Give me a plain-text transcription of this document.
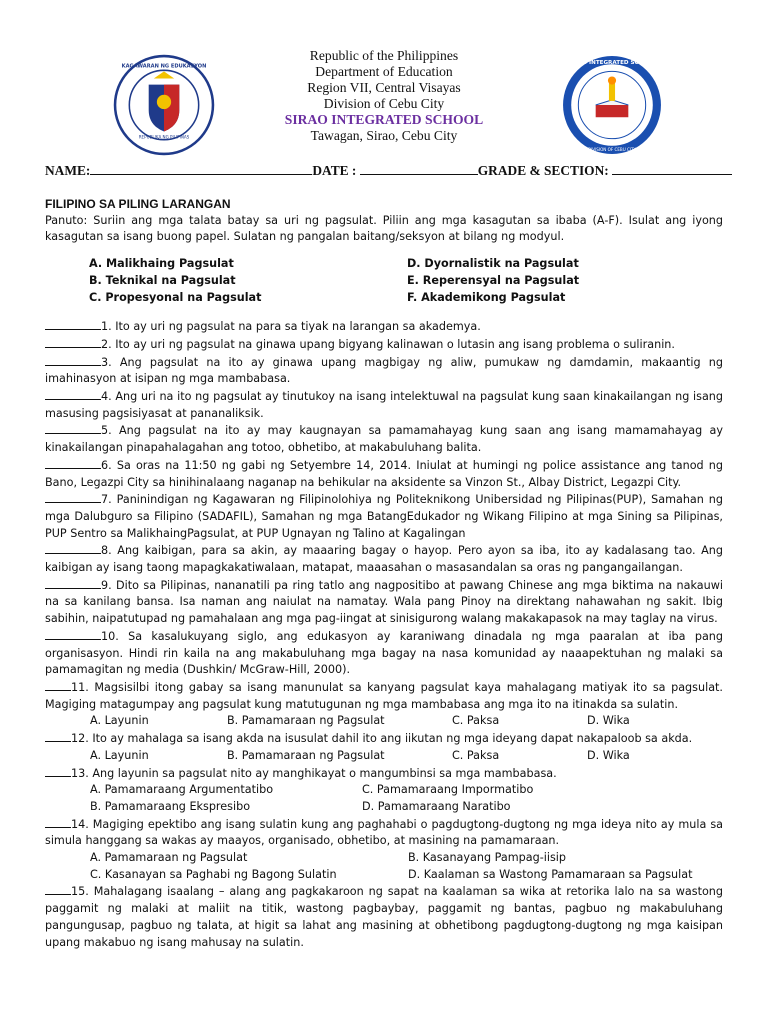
REPUBLIKA NG PILIPINAS
KAGAWARAN NG EDUKASYON
SIRAO INTEGRATED SCHOOL
DIVISION OF CEBU CITY
Republic of the Philippines
Department of Education
Region VII, Central Visayas
Division of Cebu City
SIRAO INTEGRATED SCHOOL
Tawagan, Sirao, Cebu City
NAME:	DATE :	GRADE & SECTION:

FILIPINO SA PILING LARANGAN

Panuto: Suriin ang mga talata batay sa uri ng pagsulat. Piliin ang mga kasagutan sa ibaba (A-F). Isulat ang iyong kasagutan sa isang buong papel. Sulatan ng pangalan baitang/seksyon at bilang ng modyul.

A. Malikhaing Pagsulat	D. Dyornalistik na Pagsulat
B. Teknikal na Pagsulat	E. Reperensyal na Pagsulat
C. Propesyonal na Pagsulat	F. Akademikong Pagsulat

1. Ito ay uri ng pagsulat na para sa tiyak na larangan sa akademya.

2. Ito ay uri ng pagsulat na ginawa upang bigyang kalinawan o lutasin ang isang problema o suliranin.

3. Ang pagsulat na ito ay ginawa upang magbigay ng aliw, pumukaw ng damdamin, makaantig ng imahinasyon at isipan ng mga mambabasa.

4. Ang uri na ito ng pagsulat ay tinutukoy na isang intelektuwal na pagsulat kung saan kinakailangan ng isang masusing pagsisiyasat at pananaliksik.

5. Ang pagsulat na ito ay may kaugnayan sa pamamahayag kung saan ang isang mamamahayag ay kinakailangan pinapahalagahan ang totoo, obhetibo, at makabuluhang balita.

6. Sa oras na 11:50 ng gabi ng Setyembre 14, 2014. Iniulat at humingi ng police assistance ang tanod ng Bano, Legazpi City sa hinihinalaang naganap na behikular na aksidente sa Vinzon St., Albay District, Legazpi City.

7. Paninindigan ng Kagawaran ng Filipinolohiya ng Politeknikong Unibersidad ng Pilipinas(PUP), Samahan ng mga Dalubguro sa Filipino (SADAFIL), Samahan ng mga BatangEdukador ng Wikang Filipino at mga Sining sa Pilipinas, PUP Sentro sa MalikhaingPagsulat, at PUP Ugnayan ng Talino at Kagalingan

8. Ang kaibigan, para sa akin, ay maaaring bagay o hayop. Pero ayon sa iba, ito ay kadalasang tao. Ang kaibigan ay isang taong mapagkakatiwalaan, matapat, maaasahan o masasandalan sa oras ng pangangailangan.

9. Dito sa Pilipinas, nananatili pa ring tatlo ang nagpositibo at pawang Chinese ang mga biktima na nakauwi na sa kanilang bansa. Isa naman ang naiulat na namatay. Wala pang Pinoy na direktang nahawahan ng sakit. Ibig sabihin, naipatutupad ng pamahalaan ang mga pag-iingat at sinisigurong walang makakapasok na may taglay na virus.

10. Sa kasalukuyang siglo, ang edukasyon ay karaniwang dinadala ng mga paaralan at iba pang organisasyon. Hindi rin kaila na ang makabuluhang mga bagay na nasa komunidad ay naaapektuhan ng malaki sa pamamagitan ng media (Dushkin/ McGraw-Hill, 2000).

11. Magsisilbi itong gabay sa isang manunulat sa kanyang pagsulat kaya mahalagang matiyak ito sa pagsulat. Magiging matagumpay ang pagsulat kung matutugunan ng mga mambabasa ang mga ito na itinakda sa sulatin.

A. Layunin	B. Pamamaraan ng Pagsulat	C. Paksa	D. Wika

12. Ito ay mahalaga sa isang akda na isusulat dahil ito ang iikutan ng mga ideyang dapat nakapaloob sa akda.

A. Layunin	B. Pamamaraan ng Pagsulat	C. Paksa	D. Wika

13. Ang layunin sa pagsulat nito ay manghikayat o mangumbinsi sa mga mambabasa.

A. Pamamaraang Argumentatibo	C. Pamamaraang Impormatibo
B. Pamamaraang Ekspresibo	D. Pamamaraang Naratibo

14. Magiging epektibo ang isang sulatin kung ang paghahabi o pagdugtong-dugtong ng mga ideya nito ay mula sa simula hanggang sa wakas ay maayos, organisado, obhetibo, at masining na pamamaraan.

A. Pamamaraan ng Pagsulat	B. Kasanayang Pampag-iisip
C. Kasanayan sa Paghabi ng Bagong Sulatin	D. Kaalaman sa Wastong Pamamaraan sa Pagsulat

15. Mahalagang isaalang – alang ang pagkakaroon ng sapat na kaalaman sa wika at retorika lalo na sa wastong paggamit ng malaki at maliit na titik, wastong pagbaybay, paggamit ng bantas, pagbuo ng makabuluhang pangungusap, pagbuo ng talata, at higit sa lahat ang masining at obhetibong pagdugtong-dugtong ng mga kaisipan upang makabuo ng isang mahusay na sulatin.
